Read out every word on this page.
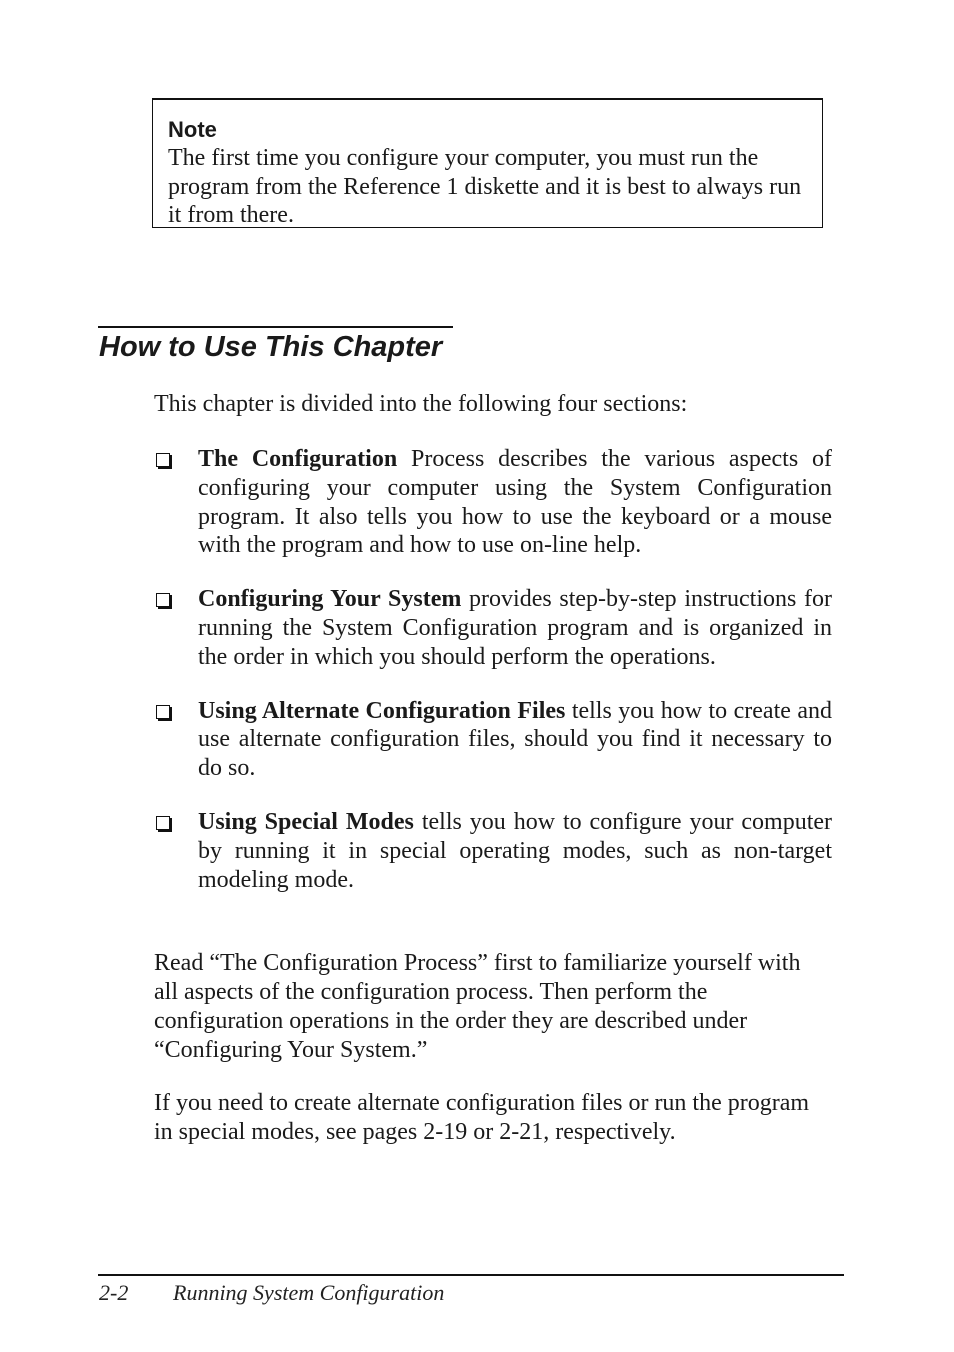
Note

The first time you configure your computer, you must run the program from the Reference 1 diskette and it is best to always run it from there.

How to Use This Chapter

This chapter is divided into the following four sections:

The Configuration Process describes the various aspects of configuring your computer using the System Configuration program. It also tells you how to use the keyboard or a mouse with the program and how to use on-line help.
Configuring Your System provides step-by-step instructions for running the System Configuration program and is organized in the order in which you should perform the operations.
Using Alternate Configuration Files tells you how to create and use alternate configuration files, should you find it necessary to do so.
Using Special Modes tells you how to configure your computer by running it in special operating modes, such as non-target modeling mode.

Read “The Configuration Process” first to familiarize yourself with all aspects of the configuration process. Then perform the configuration operations in the order they are described under “Configuring Your System.”

If you need to create alternate configuration files or run the program in special modes, see pages 2-19 or 2-21, respectively.

2-2 Running System Configuration
